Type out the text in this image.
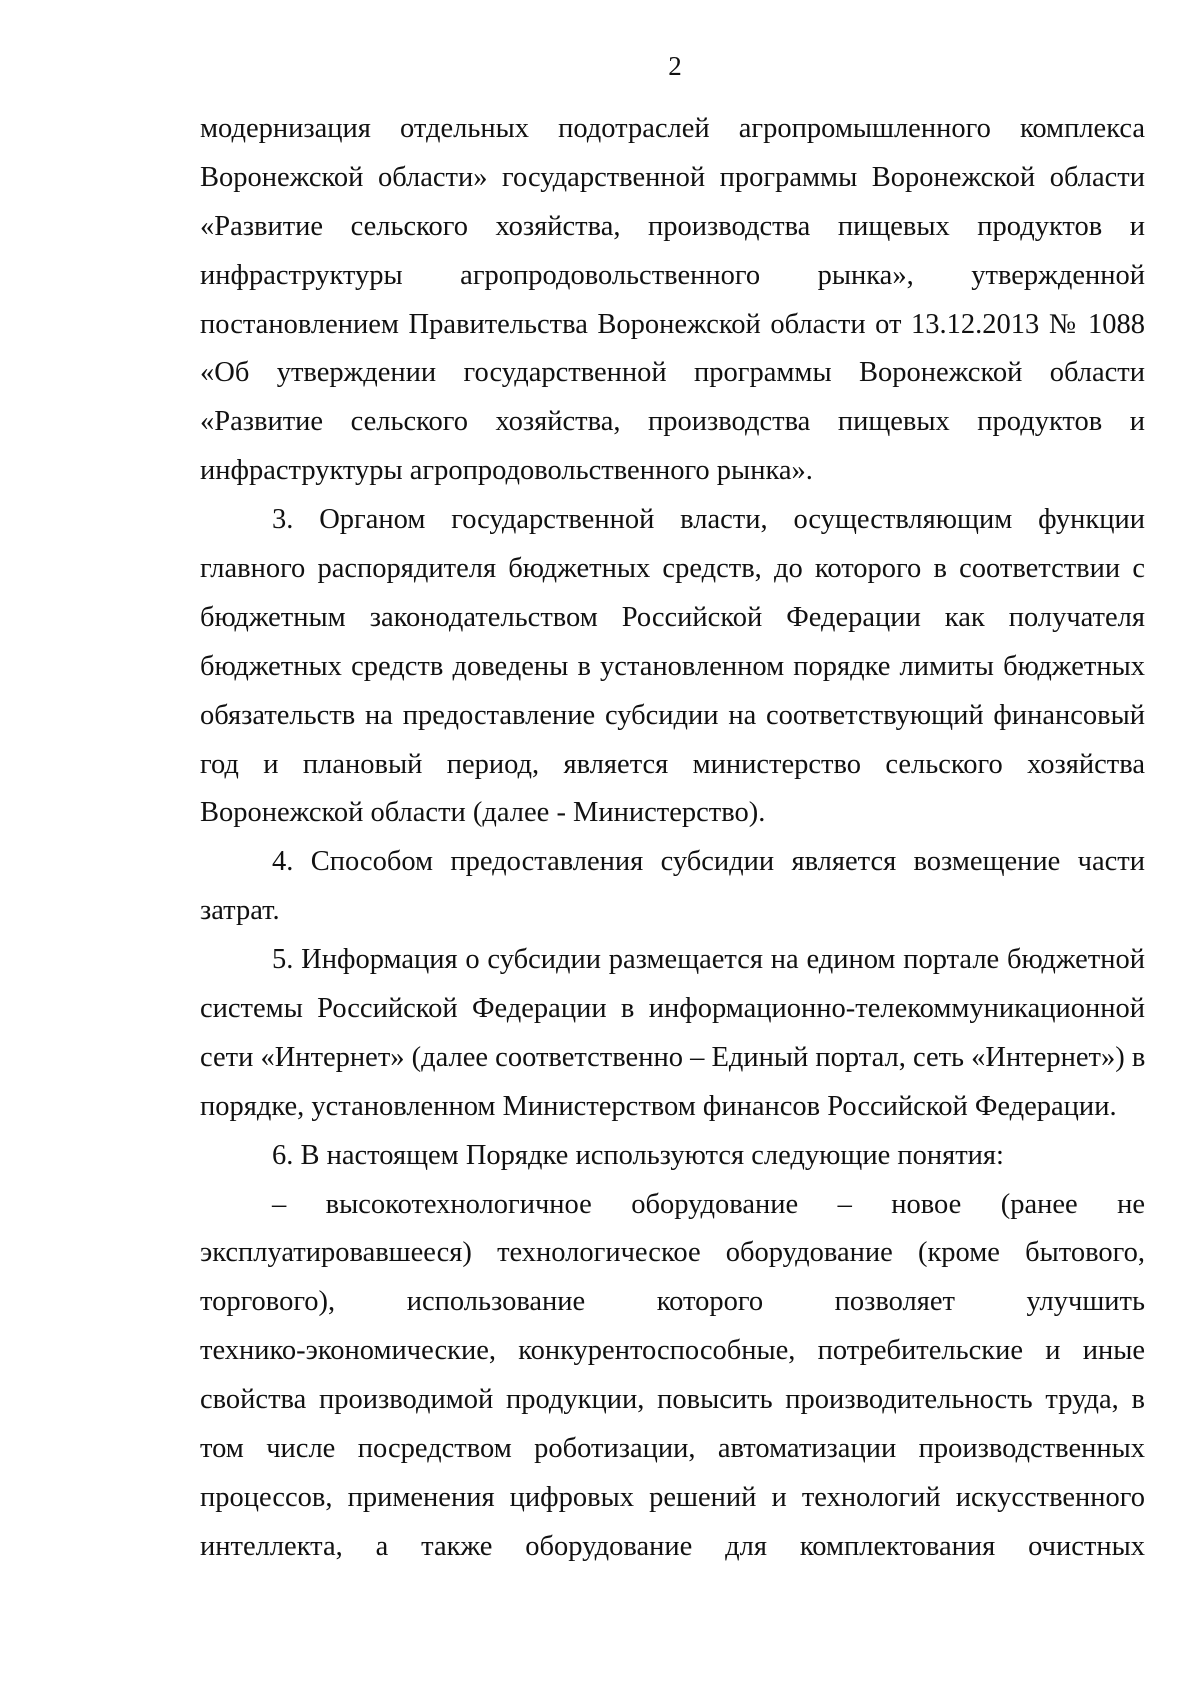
2
модернизация отдельных подотраслей агропромышленного комплекса
Воронежской области» государственной программы Воронежской области
«Развитие сельского хозяйства, производства пищевых продуктов и
инфраструктуры агропродовольственного рынка», утвержденной
постановлением Правительства Воронежской области от 13.12.2013 № 1088
«Об утверждении государственной программы Воронежской области
«Развитие сельского хозяйства, производства пищевых продуктов и
инфраструктуры агропродовольственного рынка».
3. Органом государственной власти, осуществляющим функции
главного распорядителя бюджетных средств, до которого в соответствии с
бюджетным законодательством Российской Федерации как получателя
бюджетных средств доведены в установленном порядке лимиты бюджетных
обязательств на предоставление субсидии на соответствующий финансовый
год и плановый период, является министерство сельского хозяйства
Воронежской области (далее - Министерство).
4. Способом предоставления субсидии является возмещение части
затрат.
5. Информация о субсидии размещается на едином портале бюджетной
системы Российской Федерации в информационно-телекоммуникационной
сети «Интернет» (далее соответственно – Единый портал, сеть «Интернет») в
порядке, установленном Министерством финансов Российской Федерации.
6. В настоящем Порядке используются следующие понятия:
– высокотехнологичное оборудование – новое (ранее не
эксплуатировавшееся) технологическое оборудование (кроме бытового,
торгового), использование которого позволяет улучшить
технико-экономические, конкурентоспособные, потребительские и иные
свойства производимой продукции, повысить производительность труда, в
том числе посредством роботизации, автоматизации производственных
процессов, применения цифровых решений и технологий искусственного
интеллекта, а также оборудование для комплектования очистных
